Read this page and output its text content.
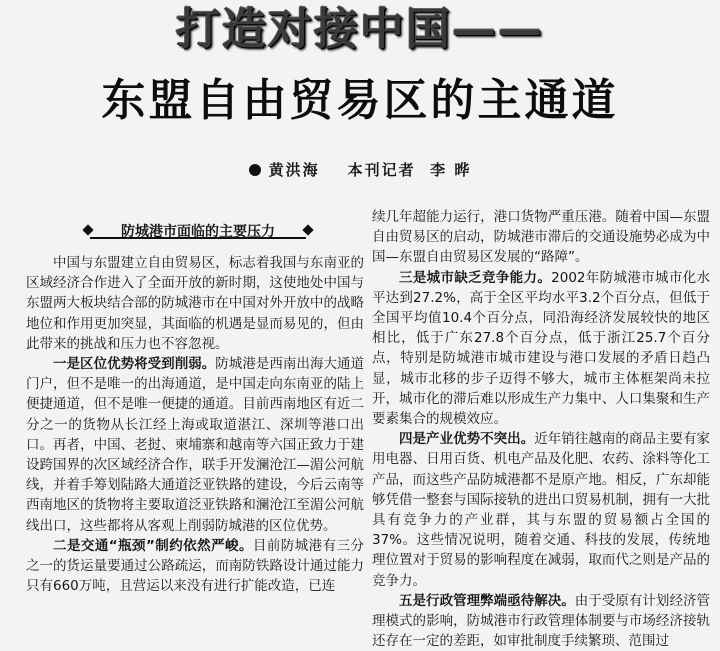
打造对接中国——
东盟自由贸易区的主通道
黄洪海 本刊记者 李 晔
防城港市面临的主要压力

中国与东盟建立自由贸易区，标志着我国与东南亚的区域经济合作进入了全面开放的新时期，这使地处中国与东盟两大板块结合部的防城港市在中国对外开放中的战略地位和作用更加突显，其面临的机遇是显而易见的，但由此带来的挑战和压力也不容忽视。

一是区位优势将受到削弱。防城港是西南出海大通道门户，但不是唯一的出海通道，是中国走向东南亚的陆上便捷通道，但不是唯一便捷的通道。目前西南地区有近二分之一的货物从长江经上海或取道湛江、深圳等港口出口。再者，中国、老挝、柬埔寨和越南等六国正致力于建设跨国界的次区域经济合作，联手开发澜沧江—湄公河航线，并着手筹划陆路大通道泛亚铁路的建设，今后云南等西南地区的货物将主要取道泛亚铁路和澜沧江至湄公河航线出口，这些都将从客观上削弱防城港的区位优势。

二是交通“瓶颈”制约依然严峻。目前防城港有三分之一的货运量要通过公路疏运，而南防铁路设计通过能力只有660万吨，且营运以来没有进行扩能改造，已连

续几年超能力运行，港口货物严重压港。随着中国—东盟自由贸易区的启动，防城港市滞后的交通设施势必成为中国—东盟自由贸易区发展的“路障”。

三是城市缺乏竞争能力。2002年防城港市城市化水平达到27.2%，高于全区平均水平3.2个百分点，但低于全国平均值10.4个百分点，同沿海经济发展较快的地区相比，低于广东27.8个百分点，低于浙江25.7个百分点，特别是防城港市城市建设与港口发展的矛盾日趋凸显，城市北移的步子迈得不够大，城市主体框架尚未拉开，城市化的滞后难以形成生产力集中、人口集聚和生产要素集合的规模效应。

四是产业优势不突出。近年销往越南的商品主要有家用电器、日用百货、机电产品及化肥、农药、涂料等化工产品，而这些产品防城港都不是原产地。相反，广东却能够凭借一整套与国际接轨的进出口贸易机制，拥有一大批具有竞争力的产业群，其与东盟的贸易额占全国的37%。这些情况说明，随着交通、科技的发展，传统地理位置对于贸易的影响程度在减弱，取而代之则是产品的竞争力。

五是行政管理弊端亟待解决。由于受原有计划经济管理模式的影响，防城港市行政管理体制要与市场经济接轨还存在一定的差距，如审批制度手续繁琐、范围过
